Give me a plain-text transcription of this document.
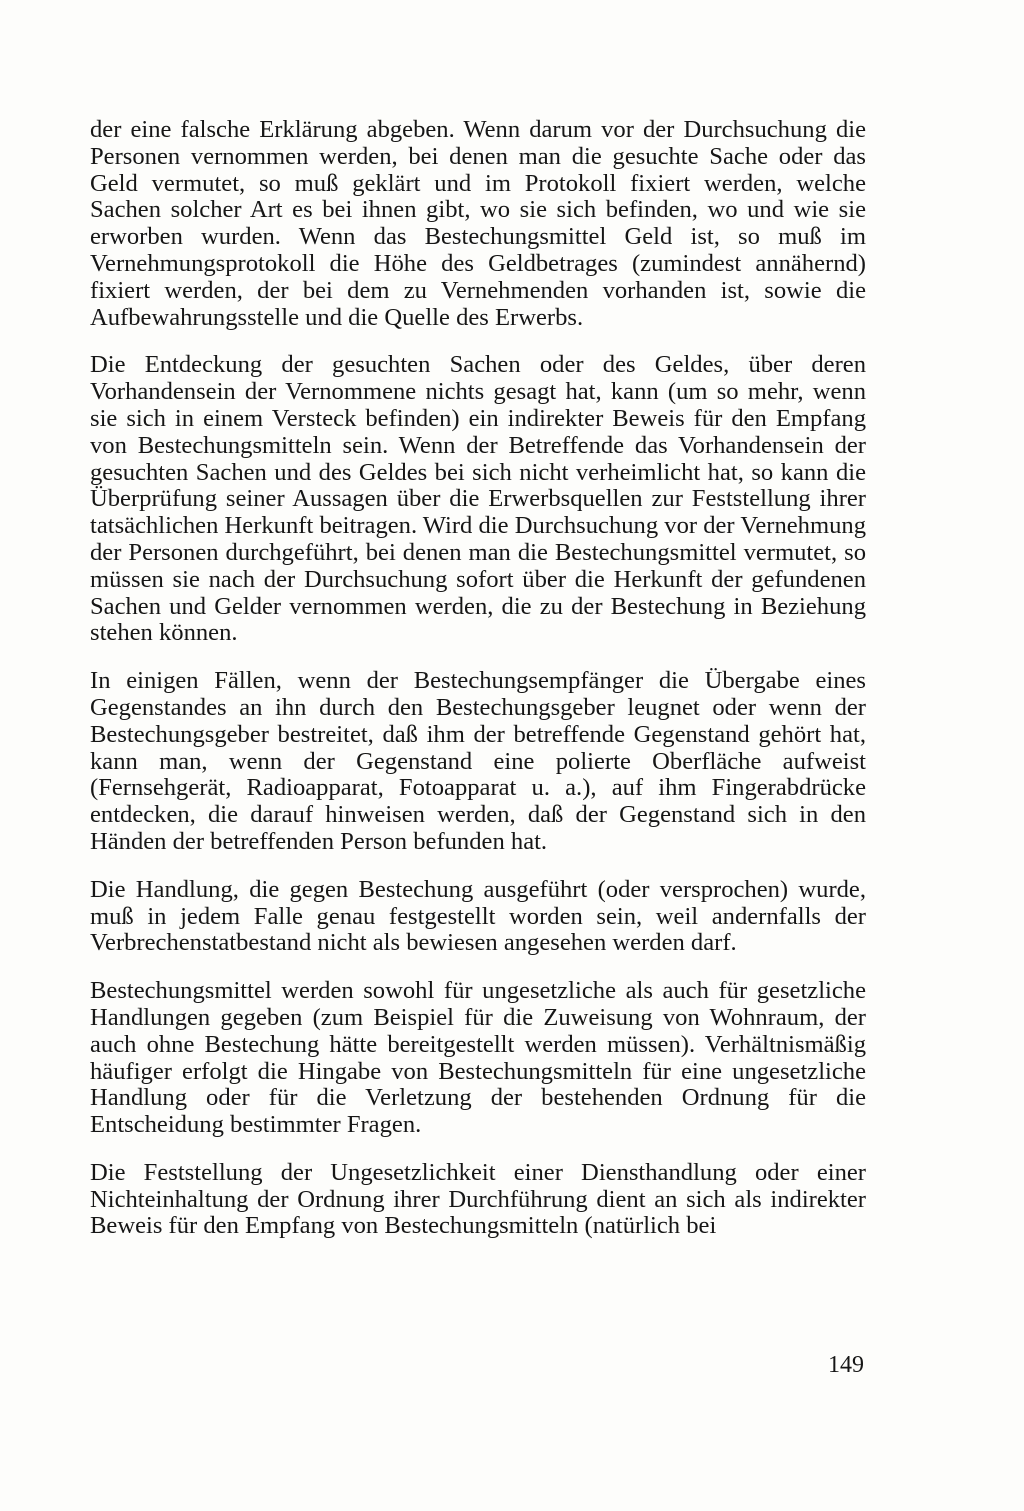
der eine falsche Erklärung abgeben. Wenn darum vor der Durchsuchung die Personen vernommen werden, bei denen man die gesuchte Sache oder das Geld vermutet, so muß geklärt und im Protokoll fixiert werden, welche Sachen solcher Art es bei ihnen gibt, wo sie sich befinden, wo und wie sie erworben wurden. Wenn das Bestechungsmittel Geld ist, so muß im Vernehmungsprotokoll die Höhe des Geldbetrages (zumindest annähernd) fixiert werden, der bei dem zu Vernehmenden vorhanden ist, sowie die Aufbewahrungsstelle und die Quelle des Erwerbs.

Die Entdeckung der gesuchten Sachen oder des Geldes, über deren Vorhandensein der Vernommene nichts gesagt hat, kann (um so mehr, wenn sie sich in einem Versteck befinden) ein indirekter Beweis für den Empfang von Bestechungsmitteln sein. Wenn der Betreffende das Vorhandensein der gesuchten Sachen und des Geldes bei sich nicht verheimlicht hat, so kann die Überprüfung seiner Aussagen über die Erwerbsquellen zur Feststellung ihrer tatsächlichen Herkunft beitragen. Wird die Durchsuchung vor der Vernehmung der Personen durchgeführt, bei denen man die Bestechungsmittel vermutet, so müssen sie nach der Durchsuchung sofort über die Herkunft der gefundenen Sachen und Gelder vernommen werden, die zu der Bestechung in Beziehung stehen können.

In einigen Fällen, wenn der Bestechungsempfänger die Übergabe eines Gegenstandes an ihn durch den Bestechungsgeber leugnet oder wenn der Bestechungsgeber bestreitet, daß ihm der betreffende Gegenstand gehört hat, kann man, wenn der Gegenstand eine polierte Oberfläche aufweist (Fernsehgerät, Radioapparat, Fotoapparat u. a.), auf ihm Fingerabdrücke entdecken, die darauf hinweisen werden, daß der Gegenstand sich in den Händen der betreffenden Person befunden hat.

Die Handlung, die gegen Bestechung ausgeführt (oder versprochen) wurde, muß in jedem Falle genau festgestellt worden sein, weil andernfalls der Verbrechenstatbestand nicht als bewiesen angesehen werden darf.

Bestechungsmittel werden sowohl für ungesetzliche als auch für gesetzliche Handlungen gegeben (zum Beispiel für die Zuweisung von Wohnraum, der auch ohne Bestechung hätte bereitgestellt werden müssen). Verhältnismäßig häufiger erfolgt die Hingabe von Bestechungsmitteln für eine ungesetzliche Handlung oder für die Verletzung der bestehenden Ordnung für die Entscheidung bestimmter Fragen.

Die Feststellung der Ungesetzlichkeit einer Diensthandlung oder einer Nichteinhaltung der Ordnung ihrer Durchführung dient an sich als indirekter Beweis für den Empfang von Bestechungsmitteln (natürlich bei

149
